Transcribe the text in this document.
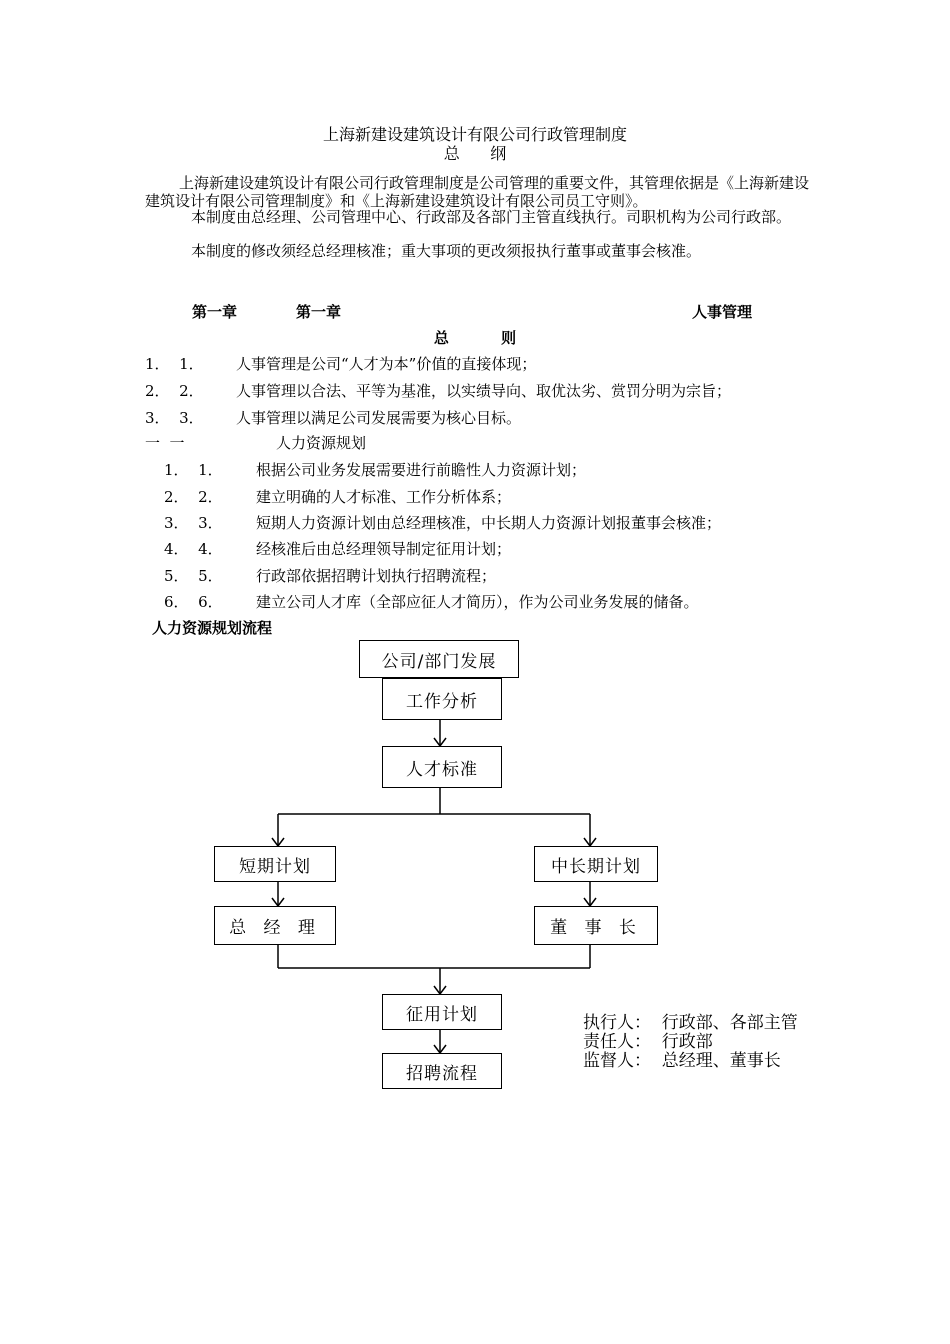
上海新建设建筑设计有限公司行政管理制度
总      纲
上海新建设建筑设计有限公司行政管理制度是公司管理的重要文件，其管理依据是《上海新建设建筑设计有限公司管理制度》和《上海新建设建筑设计有限公司员工守则》。
本制度由总经理、公司管理中心、行政部及各部门主管直线执行。司职机构为公司行政部。
本制度的修改须经总经理核准；重大事项的更改须报执行董事或董事会核准。
第一章	第一章	人事管理
总          则
1．  1． 人事管理是公司“人才为本”价值的直接体现；
2．  2． 人事管理以合法、平等为基准，以实绩导向、取优汰劣、赏罚分明为宗旨；
3．  3． 人事管理以满足公司发展需要为核心目标。
一  一	人力资源规划
1．  1． 根据公司业务发展需要进行前瞻性人力资源计划；
2．  2． 建立明确的人才标准、工作分析体系；
3．  3． 短期人力资源计划由总经理核准，中长期人力资源计划报董事会核准；
4．  4． 经核准后由总经理领导制定征用计划；
5．  5． 行政部依据招聘计划执行招聘流程；
6．  6． 建立公司人才库（全部应征人才简历），作为公司业务发展的储备。
人力资源规划流程
公司/部门发展
工作分析
人才标准
短期计划	中长期计划
总 经 理	董 事 长
征用计划
招聘流程
执行人：  行政部、各部主管
责任人：  行政部
监督人：  总经理、董事长
